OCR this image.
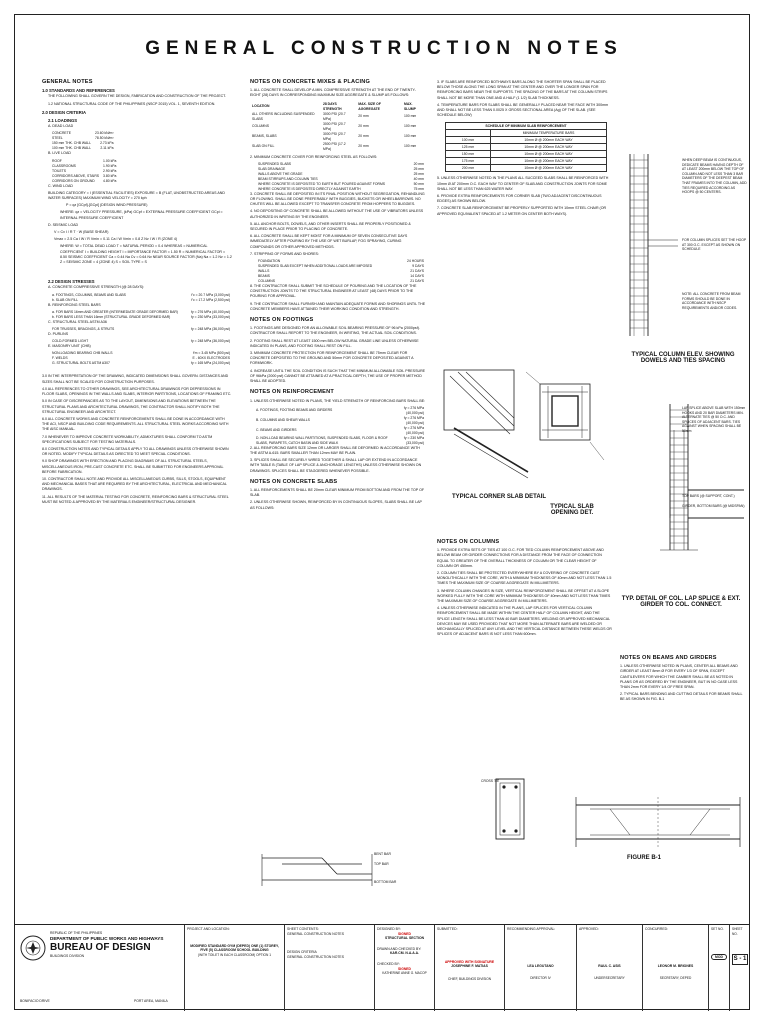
GENERAL CONSTRUCTION NOTES
GENERAL NOTES
1.0 STANDARDS AND REFERENCES
THE FOLLOWING SHALL GOVERN THE DESIGN, FABRICATION AND CONSTRUCTION OF THE PROJECT.
1.2 NATIONAL STRUCTURAL CODE OF THE PHILIPPINES (NSCP 2015) VOL. 1, SEVENTH EDITION.
2.0 DESIGN CRITERIA
2.1 LOADINGS
A. DEAD LOAD
CONCRETE	23.60 kN/m³
STEEL	78.50 kN/m³
150 mm THK. CHB WALL	2.73 kPa
100 mm THK. CHB WALL	2.11 kPa
B. LIVE LOAD
ROOF	1.00 kPa
CLASSROOMS	1.90 kPa
TOILETS	2.90 kPa
CORRIDORS ABOVE, STAIRS	3.80 kPa
CORRIDORS ON GROUND	4.80 kPa
C. WIND LOAD
BUILDING CATEGORY = I (ESSENTIAL FACILITIES) EXPOSURE = B (FLAT, UNOBSTRUCTED AREAS AND WATER SURFACES) MAXIMUM WIND VELOCITY = 270 kph
P = qz [GCpf]-[GCpi] (DESIGN WIND PRESSURE)
WHERE: qz = VELOCITY PRESSURE, (kPa) GCpf = EXTERNAL PRESSURE COEFFICIENT GCpi = INTERNAL PRESSURE COEFFICIENT
D. SEISMIC LOAD
V = Cv I / R T · W (BASE SHEAR)
Vmax = 2.5 Ca I W / R Vmin = 0.11 Ca I W Vmin = 0.8 Z Nv I W / R (ZONE 4)
WHERE: W = TOTAL DEAD LOAD T = NATURAL PERIOD = 0.4 WHEREAS = NUMERICAL COEFFICIENT I = BUILDING HEIGHT I = IMPORTANCE FACTOR = 1.50 R = NUMERICAL FACTOR = 8.50 SEISMIC COEFFICIENT Ca = 0.44 Na Cv = 0.64 Nv NEAR SOURCE FACTOR (Na) Na = 1.2 Nv = 1.2 Z = SEISMIC ZONE = 4 (ZONE 4) S = SOIL TYPE = S
2.2 DESIGN STRESSES
A. CONCRETE COMPRESSIVE STRENGTH (@ 28 DAYS):
a. FOOTINGS, COLUMNS, BEAMS AND SLABS	f'c = 20.7 MPa (3,000 psi)
b. SLAB ON FILL	f'c = 17.2 MPa (2,500 psi)
B. REINFORCING STEEL BARS
a. FOR BARS 16mm AND GREATER (INTERMEDIATE GRADE DEFORMED BAR)	fy = 276 MPa (40,000 psi)
b. FOR BARS LESS THAN 16mm (STRUCTURAL GRADE DEFORMED BAR)	fy = 230 MPa (33,000 psi)
C. STRUCTURAL STEEL ASTM A36
FOR TRUSSES, BRACINGS, & STRUTS	fy = 248 MPa (36,000 psi)
D. PURLINS
COLD-FORMED LIGHT	fy = 248 MPa (36,000 psi)
E. MASONRY UNIT (CHB)
NON-LOADING BEARING CHB WALLS	f'm = 3.45 MPa (500 psi)
F. WELDS	E - 60XX ELECTRODES
G. STRUCTURAL BOLTS ASTM A307	fy = 165 MPa (24,000 psi)
3.0 IN THE INTERPRETATION OF THE DRAWING, INDICATED DIMENSIONS SHALL GOVERN. DISTANCES AND SIZES SHALL NOT BE SCALED FOR CONSTRUCTION PURPOSES.
4.0 ALL REFERENCES TO OTHER DRAWINGS, SEE ARCHITECTURAL DRAWINGS FOR DEPRESSIONS IN FLOOR SLABS, OPENINGS IN THE WALLS AND SLABS, INTERIOR PARTITIONS, LOCATIONS OF FRAMING ETC.
5.0 IN CASE OF DISCREPANCIES AS TO THE LAYOUT, DIMENSIONS AND ELEVATIONS BETWEEN THE STRUCTURAL PLANS AND ARCHITECTURAL DRAWINGS, THE CONTRACTOR SHALL NOTIFY BOTH THE STRUCTURAL ENGINEER AND ARCHITECT.
6.0 ALL CONCRETE WORKS AND CONCRETE REINFORCEMENTS SHALL BE DONE IN ACCORDANCE WITH THE ACI, NSCP AND BUILDING CODE REQUIREMENTS. ALL STRUCTURAL STEEL WORKS ACCORDING WITH THE AISC MANUAL.
7.0 WHENEVER TO IMPROVE CONCRETE WORKABILITY, ADMIXTURES SHALL CONFORM TO ASTM SPECIFICATIONS SUBJECT FOR TESTING MATERIALS.
8.0 CONSTRUCTION NOTES AND TYPICAL DETAILS APPLY TO ALL DRAWINGS UNLESS OTHERWISE SHOWN OR NOTED. MODIFY TYPICAL DETAILS AS DIRECTED TO MEET SPECIAL CONDITIONS.
9.0 SHOP DRAWINGS WITH ERECTION AND PLACING DIAGRAMS OF ALL STRUCTURAL STEELS, MISCELLANEOUS IRON, PRE-CAST CONCRETE ETC. SHALL BE SUBMITTED FOR ENGINEERS APPROVAL BEFORE FABRICATION.
10. CONTRACTOR SHALL NOTE AND PROVIDE ALL MISCELLANEOUS CURBS, SILLS, STOOLS, EQUIPMENT AND MECHANICAL BASES THAT ARE REQUIRED BY THE ARCHITECTURAL, ELECTRICAL AND MECHANICAL DRAWINGS.
11. ALL RESULTS OF THE MATERIAL TESTING FOR CONCRETE, REINFORCING BARS & STRUCTURAL STEEL MUST BE NOTED & APPROVED BY THE MATERIALS ENGINEER/STRUCTURAL DESIGNER.
NOTES ON CONCRETE MIXES & PLACING
1. ALL CONCRETE SHALL DEVELOP A MIN. COMPRESSIVE STRENGTH AT THE END OF TWENTY-EIGHT (28) DAYS IN CORRESPONDING MAXIMUM SIZE AGGREGATE & SLUMP AS FOLLOWS:
LOCATION	28 DAYS STRENGTH	MAX. SIZE OF AGGREGATE	MAX. SLUMP
ALL OTHERS INCLUDING SUSPENDED SLABS	3000 PSI (20.7 MPa)	20 mm	100 mm
COLUMNS	3000 PSI (20.7 MPa)	20 mm	100 mm
BEAMS, SLABS	3000 PSI (20.7 MPa)	20 mm	100 mm
SLAB ON FILL	2500 PSI (17.2 MPa)	20 mm	100 mm
2. MINIMUM CONCRETE COVER FOR REINFORCING STEEL AS FOLLOWS:
SUSPENDED SLABS	20 mm
SLAB DRAINAGE	25 mm
WALLS ABOVE THE GRADE	25 mm
BEAM STIRRUPS AND COLUMN TIES	40 mm
WHERE CONCRETE IS DEPOSITED TO EARTH BUT POURED AGAINST FORMS	50 mm
WHERE CONCRETE IS DEPOSITED DIRECTLY AGAINST EARTH	75 mm
3. CONCRETE SHALL BE DEPOSITED IN ITS FINAL POSITION WITHOUT SEGREGATION, REHANDLING OR FLOWING. SHALL BE DONE PREFERABLY WITH BUGGIES, BUCKETS OR WHEELBARROWS. NO CHUTES WILL BE ALLOWED EXCEPT TO TRANSFER CONCRETE FROM HOPPERS TO BUGGIES.
4. NO DEPOSITING OF CONCRETE SHALL BE ALLOWED WITHOUT THE USE OF VIBRATORS UNLESS AUTHORIZED IN WRITING BY THE ENGINEER.
5. ALL ANCHOR BOLTS, DOWELS, AND OTHER INSERTS SHALL BE PROPERLY POSITIONED & SECURED IN PLACE PRIOR TO PLACING OF CONCRETE.
6. ALL CONCRETE SHALL BE KEPT MOIST FOR A MINIMUM OF SEVEN CONSECUTIVE DAYS IMMEDIATELY AFTER POURING BY THE USE OF WET BURLAP, FOG SPRAYING, CURING COMPOUNDS OR OTHER APPROVED METHODS.
7. STRIPPING OF FORMS AND SHORES:
FOUNDATION	24 HOURS
SUSPENDED SLAB EXCEPT WHEN ADDITIONAL LOADS ARE IMPOSED	9 DAYS
WALLS	21 DAYS
BEAMS	14 DAYS
COLUMNS	21 DAYS
8. THE CONTRACTOR SHALL SUBMIT THE SCHEDULE OF POURING AND THE LOCATION OF THE CONSTRUCTION JOINTS TO THE STRUCTURAL ENGINEER AT LEAST (48) DAYS PRIOR TO THE POURING FOR APPROVAL.
9. THE CONTRACTOR SHALL FURNISH AND MAINTAIN ADEQUATE FORMS AND SHORINGS UNTIL THE CONCRETE MEMBERS HAVE ATTAINED THEIR WORKING CONDITION AND STRENGTH.
NOTES ON FOOTINGS
1. FOOTINGS ARE DESIGNED FOR AN ALLOWABLE SOIL BEARING PRESSURE OF 96 kPa (2000psf). CONTRACTOR SHALL REPORT TO THE ENGINEER, IN WRITING, THE ACTUAL SOIL CONDITIONS.
2. FOOTING SHALL REST AT LEAST 1500 mm BELOW NATURAL GRADE LINE UNLESS OTHERWISE INDICATED IN PLANS, AND FOOTING SHALL REST ON FILL.
3. MINIMUM CONCRETE PROTECTION FOR REINFORCEMENT SHALL BE 75mm CLEAR FOR CONCRETE DEPOSITED TO THE GROUND AND 50mm FOR CONCRETE DEPOSITED AGAINST A FORMWORK.
4. INCREASE UNTIL THE SOIL CONDITION IS SUCH THAT THE MINIMUM ALLOWABLE SOIL PRESSURE OF 96kPa (2000 psf) CANNOT BE ATTAINED AT A PRACTICAL DEPTH, THE USE OF PROPER METHOD SHALL BE ADOPTED.
NOTES ON REINFORCEMENT
1. UNLESS OTHERWISE NOTED IN PLANS, THE YIELD STRENGTH OF REINFORCING BARS SHALL BE:
A. FOOTINGS, FOOTING BEAMS AND GIRDERS	fy = 276 MPa (40,000 psi)
B. COLUMNS AND SHEAR WALLS	fy = 276 MPa (40,000 psi)
C. BEAMS AND GIRDERS	fy = 276 MPa (40,000 psi)
D. NON-LOAD BEARING WALL PARTITIONS, SUSPENDED SLABS, FLOOR & ROOF SLABS, PARAPETS, CATCH BASIN AND SIDE WALK	fy = 230 MPa (33,000 psi)
2. ALL REINFORCING BARS SIZE 12mm OR LARGER SHALL BE DEFORMED IN ACCORDANCE WITH THE ASTM A-615. BARS SMALLER THAN 12mm MAY BE PLAIN.
3. SPLICES SHALL BE SECURELY WIRED TOGETHER & SHALL LAP OR EXTEND IN ACCORDANCE WITH TABLE B (TABLE OF LAP SPLICE & ANCHORAGE LENGTHS) UNLESS OTHERWISE SHOWN ON DRAWINGS. SPLICES SHALL BE STAGGERED WHENEVER POSSIBLE.
NOTES ON CONCRETE SLABS
1. ALL REINFORCEMENTS SHALL BE 20mm CLEAR MINIMUM FROM BOTTOM AND FROM THE TOP OF SLAB.
2. UNLESS OTHERWISE SHOWN, REINFORCED BY IN CONTINUOUS SLOPES, SLABS SHALL BE LAP AS FOLLOWS:
BENT BAR
TOP BAR
BOTTOM BAR
3. IF SLABS ARE REINFORCED BOTHWAYS BARS ALONG THE SHORTER SPAN SHALL BE PLACED BELOW THOSE ALONG THE LONG SPAN AT THE CENTER AND OVER THE LONGER SPAN FOR REINFORCING BARS NEAR THE SUPPORTS. THE SPACING OF THE BARS AT THE COLUMN STRIPS SHALL NOT BE MORE THAN ONE AND A HALF (1 1/2) SLAB THICKNESS.
4. TEMPERATURE BARS FOR SLABS SHALL BE GENERALLY PLACED NEAR THE FACE WITH 300mm AND SHALL NOT BE LESS THAN 0.0025 X GROSS SECTIONAL AREA (Ag) OF THE SLAB. (SEE SCHEDULE BELOW)
SCHEDULE OF MINIMUM SLAB REINFORCEMENT	
	MINIMUM TEMPERATURE BARS
100 mm	10mm Ø @ 200mm EACH WAY
125 mm	10mm Ø @ 200mm EACH WAY
150 mm	10mm Ø @ 200mm EACH WAY
175 mm	10mm Ø @ 200mm EACH WAY
200 mm	10mm Ø @ 200mm EACH WAY
5. UNLESS OTHERWISE NOTED IN THE PLANS ALL SUCCEED SLABS SHALL BE REINFORCED WITH 10mm Ø AT 200mm O.C. EACH WAY TO CENTER OF SLAB AND CONSTRUCTION JOINTS FOR SOME SHALL NOT BE LESS THAN 625 WATER WAY.
6. PROVIDE EXTRA REINFORCEMENTS FOR CORNER SLAB (TWO ADJACENT DISCONTINUOUS EDGES) AS SHOWN BELOW.
7. CONCRETE SLAB REINFORCEMENT BE PROPERLY SUPPORTED WITH 10mm STEEL CHAIR (OR APPROVED EQUIVALENT SPACED AT 1.2 METER ON CENTER BOTH WAYS).
TYPICAL CORNER SLAB DETAIL
TYPICAL SLAB OPENING DET.
NOTES ON COLUMNS
1. PROVIDE EXTRA SETS OF TIES AT 100 O.C. FOR TIED COLUMN REINFORCEMENT ABOVE AND BELOW BEAM OR GIRDER CONNECTIONS FOR A DISTANCE FROM THE FACE OF CONNECTION EQUAL TO GREATER OF THE OVERALL THICKNESS OF COLUMN OR THE CLEAR HEIGHT OF COLUMN OR 450mm.
2. COLUMN TIES SHALL BE PROTECTED EVERYWHERE BY A COVERING OF CONCRETE CAST MONOLITHICALLY WITH THE CORE, WITH A MINIMUM THICKNESS OF 40mm AND NOT LESS THAN 1.5 TIMES THE MAXIMUM SIZE OF COARSE AGGREGATE IN MILLIMETERS.
3. WHERE COLUMN CHANGES IN SIZE, VERTICAL REINFORCEMENT SHALL BE OFFSET AT A SLOPE WORKED FULLY WITH THE CORE WITH MINIMUM THICKNESS OF 40mm AND NOT LESS THAN TIMES THE MAXIMUM SIZE OF COARSE AGGREGATE IN MILLIMETERS.
4. UNLESS OTHERWISE INDICATED IN THE PLANS, LAP SPLICES FOR VERTICAL COLUMN REINFORCEMENT SHALL BE MADE WITHIN THE CENTER HALF OF COLUMN HEIGHT, AND THE SPLICE LENGTH SHALL BE LESS THAN 40 BAR DIAMETERS. WELDING OR APPROVED MECHANICAL DEVICES MAY BE USED PROVIDED THAT NOT MORE THAN ALTERNATE BARS ARE WELDED OR MECHANICALLY SPLICED AT ANY LEVEL AND THE VERTICAL DISTANCE BETWEEN THESE WELDS OR SPLICES OF ADJACENT BARS IS NOT LESS THAN 600mm.
CROSS TIE
FIGURE B-1
WHEN DEEP BEAM IS CONTINUOUS, DEDICATE BEAMS HAVING DEPTH OF AT LEAST 200mm BELOW THE TOP OF COLUMN AND NOT LESS THAN 3 BAR DIAMETERS OF THE DEEPEST BEAM THAT FRAMES INTO THE COLUMN, ADD TIES REQUIRED ACCORDING AS HOOPS @ 50 CENTERS.
FOR COLUMN SPLICES SET THE HOOP AT 300 O.C. EXCEPT AS SHOWN ON SCHEDULE
NOTE: ALL CONCRETE FROM BEAM FORMS SHOULD BE DONE IN ACCORDANCE WITH NSCP REQUIREMENTS AND/OR CODES.
TYPICAL COLUMN ELEV. SHOWING DOWELS AND TIES SPACING
LAP SPLICE ABOVE SLAB WITH 150mm HOOKS AND 20 BAR DIAMETERS MIN. ALTERNATE TIES @ 50 O.C. AND SPLICES OF ADJACENT BARS. TIES AGAINST WHEN SPACING SHALL BE 50mm
TOP BARS (@ SUPPORT, CONT.)
GIRDER, BOTTOM BARS (@ MIDSPAN)
TYP. DETAIL OF COL. LAP SPLICE & EXT. GIRDER TO COL. CONNECT.
NOTES ON BEAMS AND GIRDERS
1. UNLESS OTHERWISE NOTED IN PLANS, CENTER ALL BEAMS AND GIRDER AT LEAST 8mm Ø FOR EVERY 1/3 OF SPAN, EXCEPT CANTILEVERS FOR WHICH THE CAMBER SHALL BE AS NOTED IN PLANS OR AS ORDERED BY THE ENGINEER, BUT IN NO CASE LESS THAN 2mm FOR EVERY 1/4 OF FREE SPAN.
2. TYPICAL BARS BENDING AND CUTTING DETAILS FOR BEAMS SHALL BE AS SHOWN IN FIG. B-1
REPUBLIC OF THE PHILIPPINES
DEPARTMENT OF PUBLIC WORKS AND HIGHWAYS
BUREAU OF DESIGN
BUILDINGS DIVISION
BONIFACIO DRIVE	PORT AREA, MANILA
PROJECT AND LOCATION:
MODIFIED STANDARD GYM (DEPED) ONE (1) STOREY, FIVE (5) CLASSROOM SCHOOL BUILDING
(WITH TOILET IN EACH CLASSROOM) OPTION 1
SHEET CONTENTS:
GENERAL CONSTRUCTION NOTES
DESIGN CRITERIA
GENERAL CONSTRUCTION NOTES
DESIGNED BY:
SIGNED
STRUCTURAL SECTION
DRAWN AND CHECKED BY:
KAR.CM. N.A.A.A.
CHECKED BY:
SIGNED
KATHERINE ANNE G. MACOP
SUBMITTED:
APPROVED WITH SIGNATURE
JOSEPHINE F. MATIAS
CHIEF, BUILDINGS DIVISION
RECOMMENDING APPROVAL:
LEA LEGUTANO
DIRECTOR IV
APPROVED:
RAUL C. ASIS
UNDERSECRETARY
CONCURRED:
LEONOR M. BRIONES
SECRETARY, DEPED
SET NO.
MOD
SHEET NO.
S - 1
